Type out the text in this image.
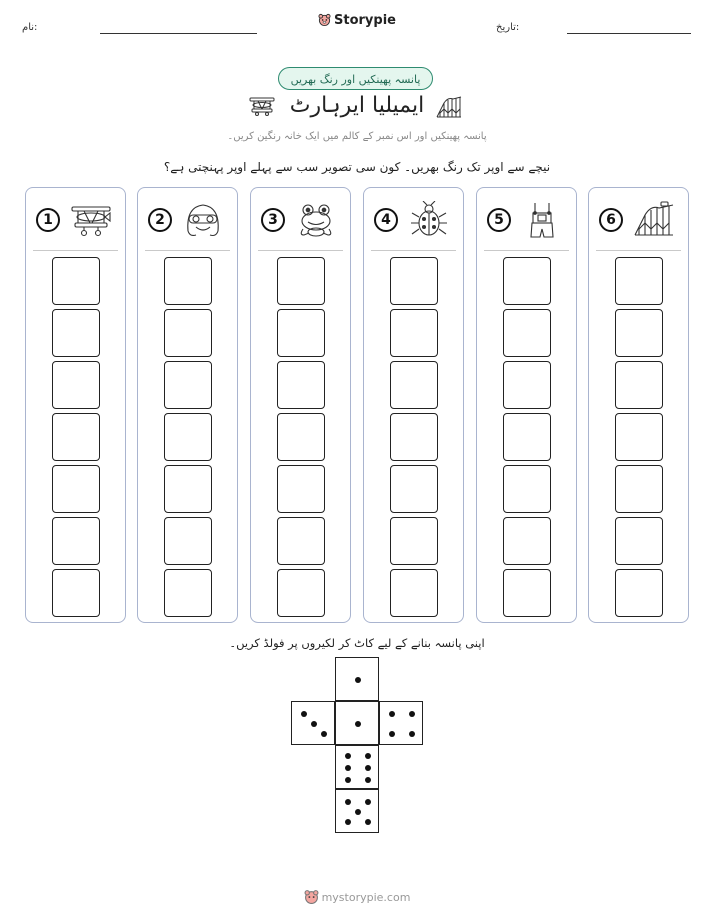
نام:	تاریخ:
Storypie
پانسہ پھینکیں اور رنگ بھریں
ایمیلیا ایرہارٹ
پانسہ پھینکیں اور اس نمبر کے کالم میں ایک خانہ رنگین کریں۔
نیچے سے اوپر تک رنگ بھریں۔ کون سی تصویر سب سے پہلے اوپر پہنچتی ہے؟
1	2	3	4	5	6
اپنی پانسہ بنانے کے لیے کاٹ کر لکیروں پر فولڈ کریں۔
mystorypie.com
